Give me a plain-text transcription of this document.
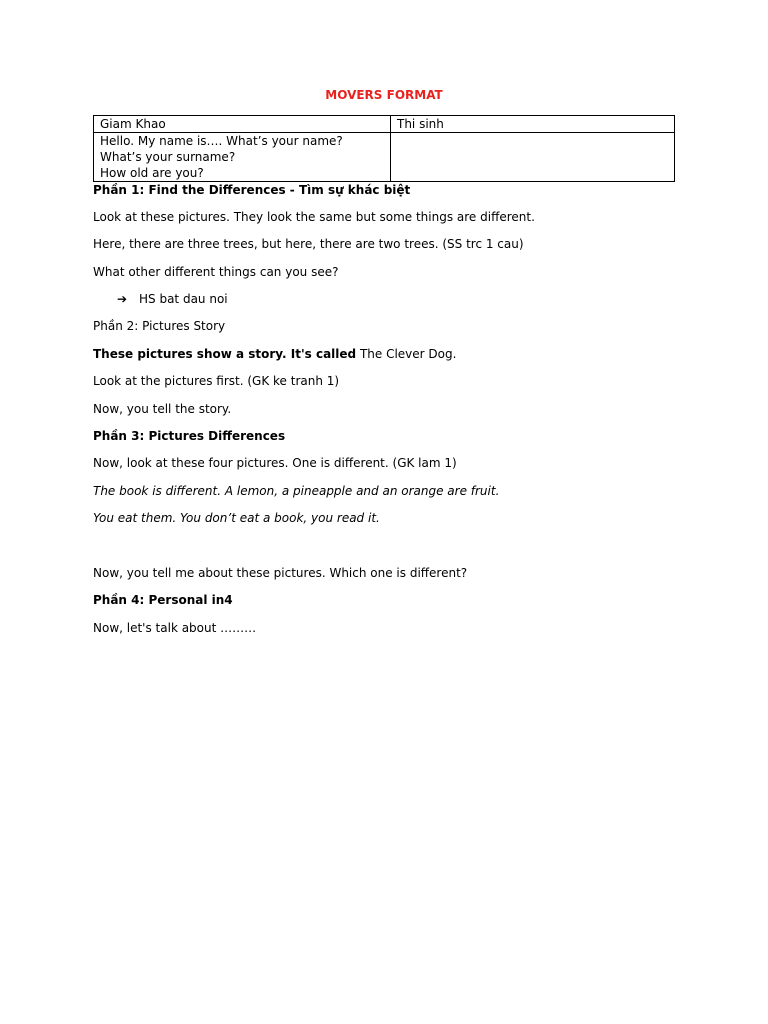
MOVERS FORMAT
Giam Khao	Thi sinh

Hello. My name is…. What’s your name?
What’s your surname?
How old are you?	

Phần 1: Find the Differences - Tìm sự khác biệt
Look at these pictures. They look the same but some things are different.
Here, there are three trees, but here, there are two trees. (SS trc 1 cau)
What other different things can you see?
➔ HS bat dau noi
Phần 2: Pictures Story
These pictures show a story. It's called The Clever Dog.
Look at the pictures first. (GK ke tranh 1)
Now, you tell the story.
Phần 3: Pictures Differences
Now, look at these four pictures. One is different. (GK lam 1)
The book is different. A lemon, a pineapple and an orange are fruit.
You eat them. You don’t eat a book, you read it.
Now, you tell me about these pictures. Which one is different?
Phần 4: Personal in4
Now, let's talk about ………
